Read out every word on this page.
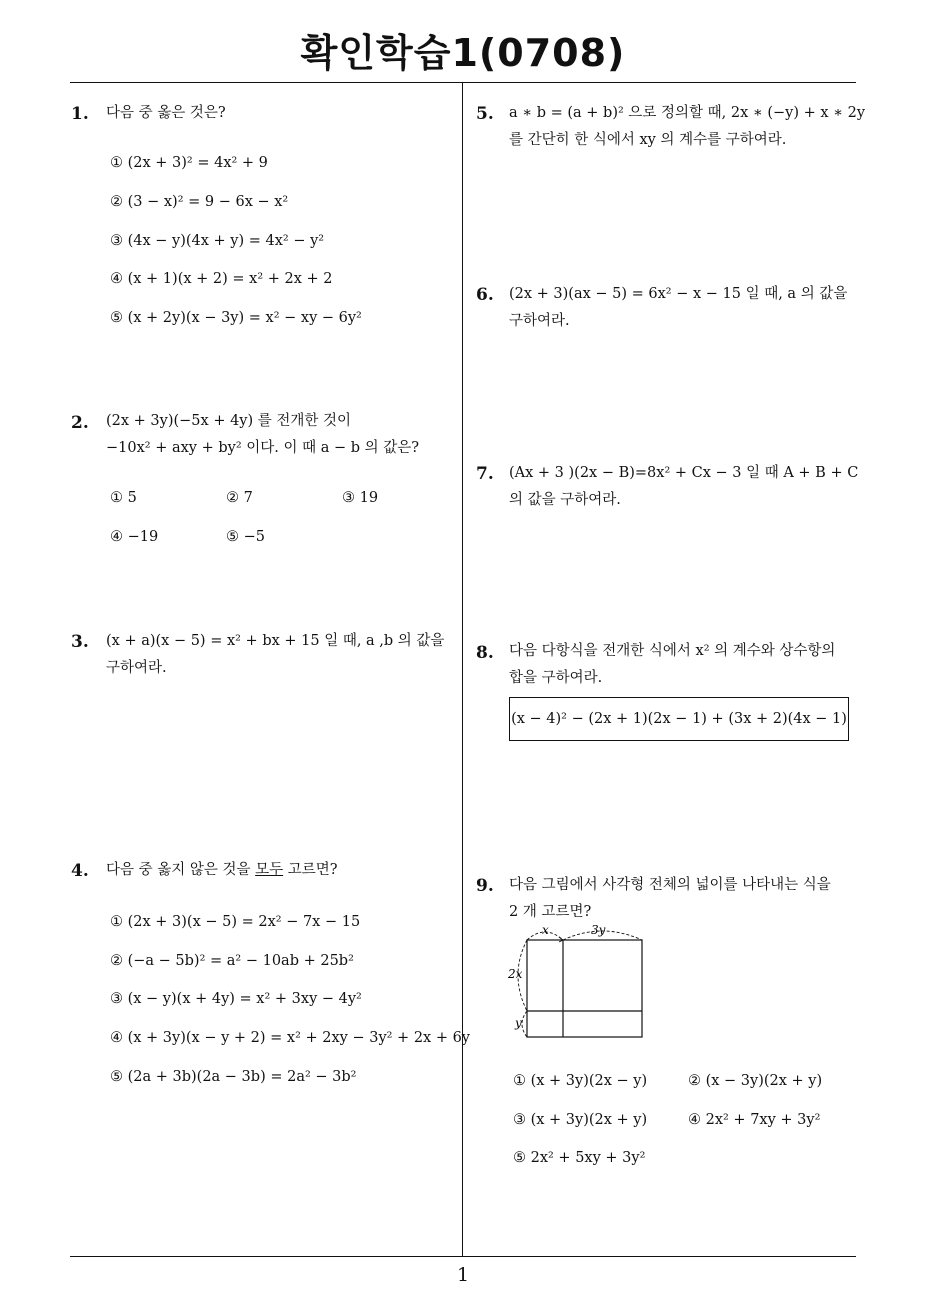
확인학습1(0708)
1
1. 다음 중 옳은 것은?
① (2x + 3)² = 4x² + 9
② (3 − x)² = 9 − 6x − x²
③ (4x − y)(4x + y) = 4x² − y²
④ (x + 1)(x + 2) = x² + 2x + 2
⑤ (x + 2y)(x − 3y) = x² − xy − 6y²
2. (2x + 3y)(−5x + 4y) 를 전개한 것이
−10x² + axy + by² 이다. 이 때 a − b 의 값은?
① 5	② 7	③ 19
④ −19	⑤ −5
3. (x + a)(x − 5) = x² + bx + 15 일 때, a ,b 의 값을
구하여라.
4. 다음 중 옳지 않은 것을 모두 고르면?
① (2x + 3)(x − 5) = 2x² − 7x − 15
② (−a − 5b)² = a² − 10ab + 25b²
③ (x − y)(x + 4y) = x² + 3xy − 4y²
④ (x + 3y)(x − y + 2) = x² + 2xy − 3y² + 2x + 6y
⑤ (2a + 3b)(2a − 3b) = 2a² − 3b²
5. a ∗ b = (a + b)² 으로 정의할 때, 2x ∗ (−y) + x ∗ 2y
를 간단히 한 식에서 xy 의 계수를 구하여라.
6. (2x + 3)(ax − 5) = 6x² − x − 15 일 때, a 의 값을
구하여라.
7. (Ax + 3 )(2x − B)=8x² + Cx − 3 일 때 A + B + C
의 값을 구하여라.
8. 다음 다항식을 전개한 식에서 x² 의 계수와 상수항의
합을 구하여라.
(x − 4)² − (2x + 1)(2x − 1) + (3x + 2)(4x − 1)
9. 다음 그림에서 사각형 전체의 넓이를 나타내는 식을
2 개 고르면?
x	3y
2x
y
① (x + 3y)(2x − y)	② (x − 3y)(2x + y)
③ (x + 3y)(2x + y)	④ 2x² + 7xy + 3y²
⑤ 2x² + 5xy + 3y²
